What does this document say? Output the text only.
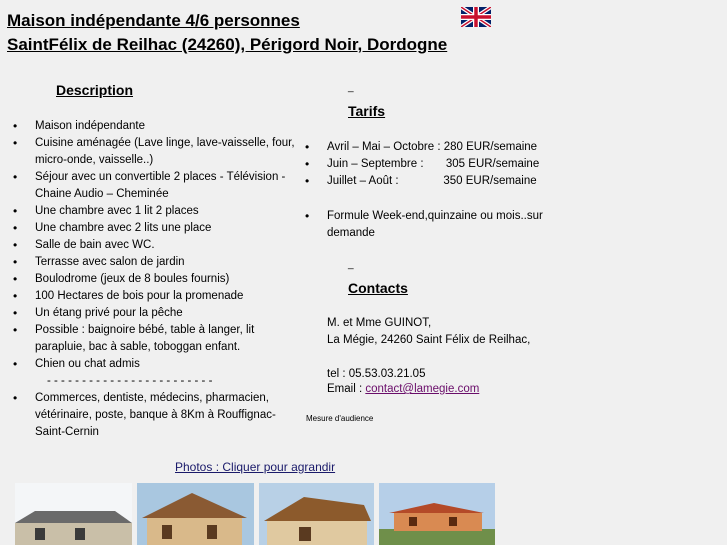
Maison indépendante 4/6 personnes
SaintFélix de Reilhac (24260), Périgord Noir, Dordogne
Description
• Maison indépendante
• Cuisine aménagée (Lave linge, lave-vaisselle, four, micro-onde, vaisselle..)
• Séjour avec un convertible 2 places - Télévision - Chaine Audio – Cheminée
• Une chambre avec 1 lit 2 places
• Une chambre avec 2 lits une place
• Salle de bain avec WC.
• Terrasse avec salon de jardin
• Boulodrome (jeux de 8 boules fournis)
• 100 Hectares de bois pour la promenade
• Un étang privé pour la pêche
• Possible : baignoire bébé, table à langer, lit parapluie, bac à sable, toboggan enfant.
• Chien ou chat admis
- - - - - - - - - - - - - - - - - - - - - - - -
• Commerces, dentiste, médecins, pharmacien, vétérinaire, poste, banque à 8Km à Rouffignac-Saint-Cernin
_
Tarifs
• Avril – Mai – Octobre : 280 EUR/semaine
• Juin – Septembre :       305 EUR/semaine
• Juillet – Août :              350 EUR/semaine
• Formule Week-end,quinzaine ou mois..sur demande
_
Contacts
M. et Mme GUINOT,
La Mégie, 24260 Saint Félix de Reilhac,
tel : 05.53.03.21.05
Email : contact@lamegie.com
Mesure d'audience
Photos : Cliquer pour agrandir
